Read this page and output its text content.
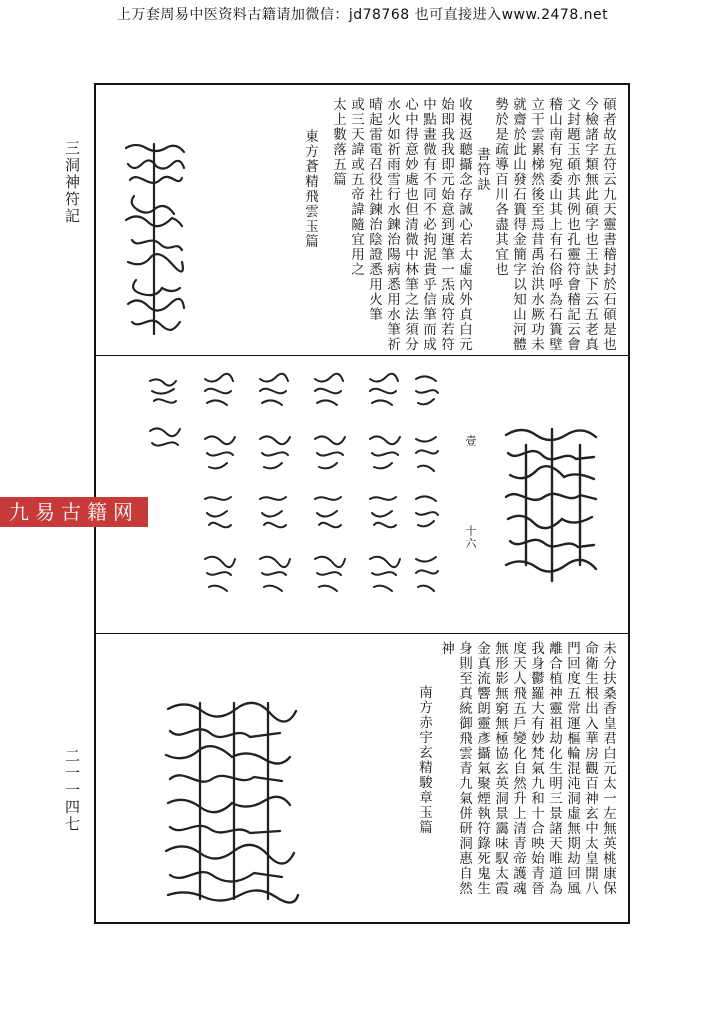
上万套周易中医资料古籍请加微信：jd78768 也可直接进入www.2478.net
三洞神符記
二一一四七
碩者故五符云九天靈書稽封於石碩是也
今檢諸字類無此碩字也王訣下云五老真
文封題玉碩亦其例也孔靈符會稽記云會
稽山南有宛委山其上有石俗呼為石簣壁
立干雲累梯然後至焉昔禹治洪水厥功未
就齋於此山發石簣得金簡字以知山河體
勢於是疏導百川各盡其宜也
書符訣
收視返聽攝念存誠心若太虛內外貞白元
始即我我即元始意到運筆一炁成符若符
中點畫微有不同不必拘泥貴乎信筆而成
心中得意妙處也但清微中林筆之法須分
水火如祈雨雪行水鍊治陽病悉用水筆祈
晴起雷電召役社鍊治陰證悉用火筆
或三天諱或五帝諱隨宜用之
太上數落五篇
東方蒼精飛雲玉篇
壹
十六
未分扶桑香皇君白元太一左無英桃康保
命衛生根出入華房觀百神玄中太皇開八
門回度五常運樞輪混沌洞虛無期劫回風
離合植神靈祖劫化生明三景諸天唯道為
我身鬱羅大有妙梵氣九和十合映始青晉
度天人飛五戶變化自然升上清青帝護魂
無形影無窮無極協玄英洞景靄味馭太霞
金真流響朗靈彥攝氣聚煙執符錄死鬼生
身則至真統御飛雲青九氣併研洞惠自然
神
南方赤宇玄精駿章玉篇
九易古籍网
